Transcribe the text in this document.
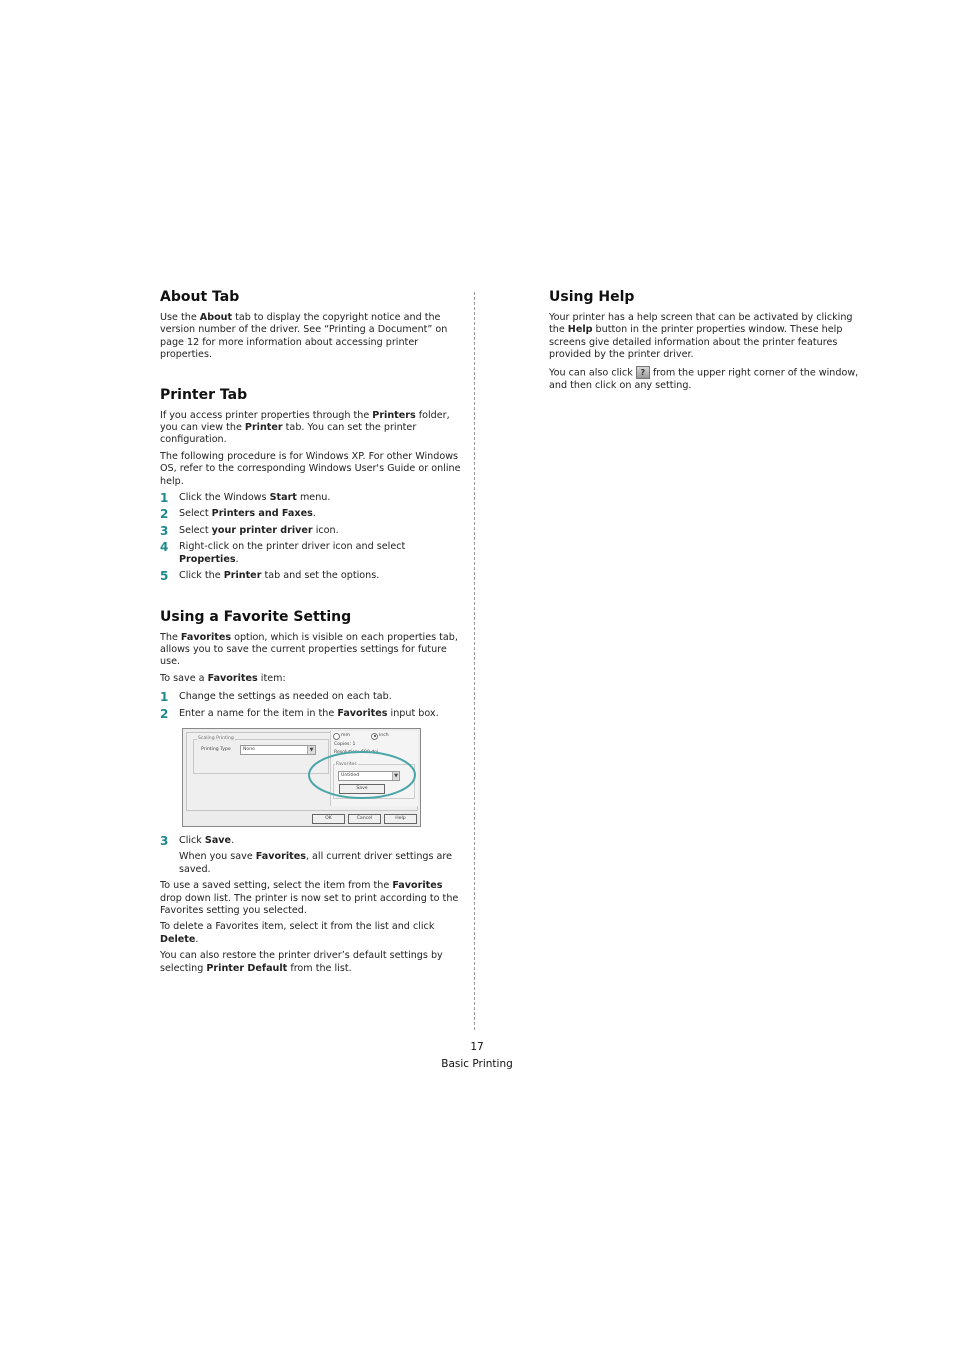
About Tab

Use the About tab to display the copyright notice and the version number of the driver. See “Printing a Document” on page 12 for more information about accessing printer properties.

Printer Tab

If you access printer properties through the Printers folder, you can view the Printer tab. You can set the printer configuration.

The following procedure is for Windows XP. For other Windows OS, refer to the corresponding Windows User's Guide or online help.

1	Click the Windows Start menu.
2	Select Printers and Faxes.
3	Select your printer driver icon.
4	Right-click on the printer driver icon and select Properties.
5	Click the Printer tab and set the options.
Using a Favorite Setting

The Favorites option, which is visible on each properties tab, allows you to save the current properties settings for future use.

To save a Favorites item:

1	Change the settings as needed on each tab.
2	Enter a name for the item in the Favorites input box.
Scaling Printing
Printing Type	None	▼
mm	inch
Copies: 1
Resolution: 600 dpi
Favorites
Untitled	▼
Save
OK	Cancel	Help
3	Click Save.

When you save Favorites, all current driver settings are saved.

To use a saved setting, select the item from the Favorites drop down list. The printer is now set to print according to the Favorites setting you selected.

To delete a Favorites item, select it from the list and click Delete.

You can also restore the printer driver’s default settings by selecting Printer Default from the list.

Using Help

Your printer has a help screen that can be activated by clicking the Help button in the printer properties window. These help screens give detailed information about the printer features provided by the printer driver.

You can also click ? from the upper right corner of the window, and then click on any setting.

17
Basic Printing
